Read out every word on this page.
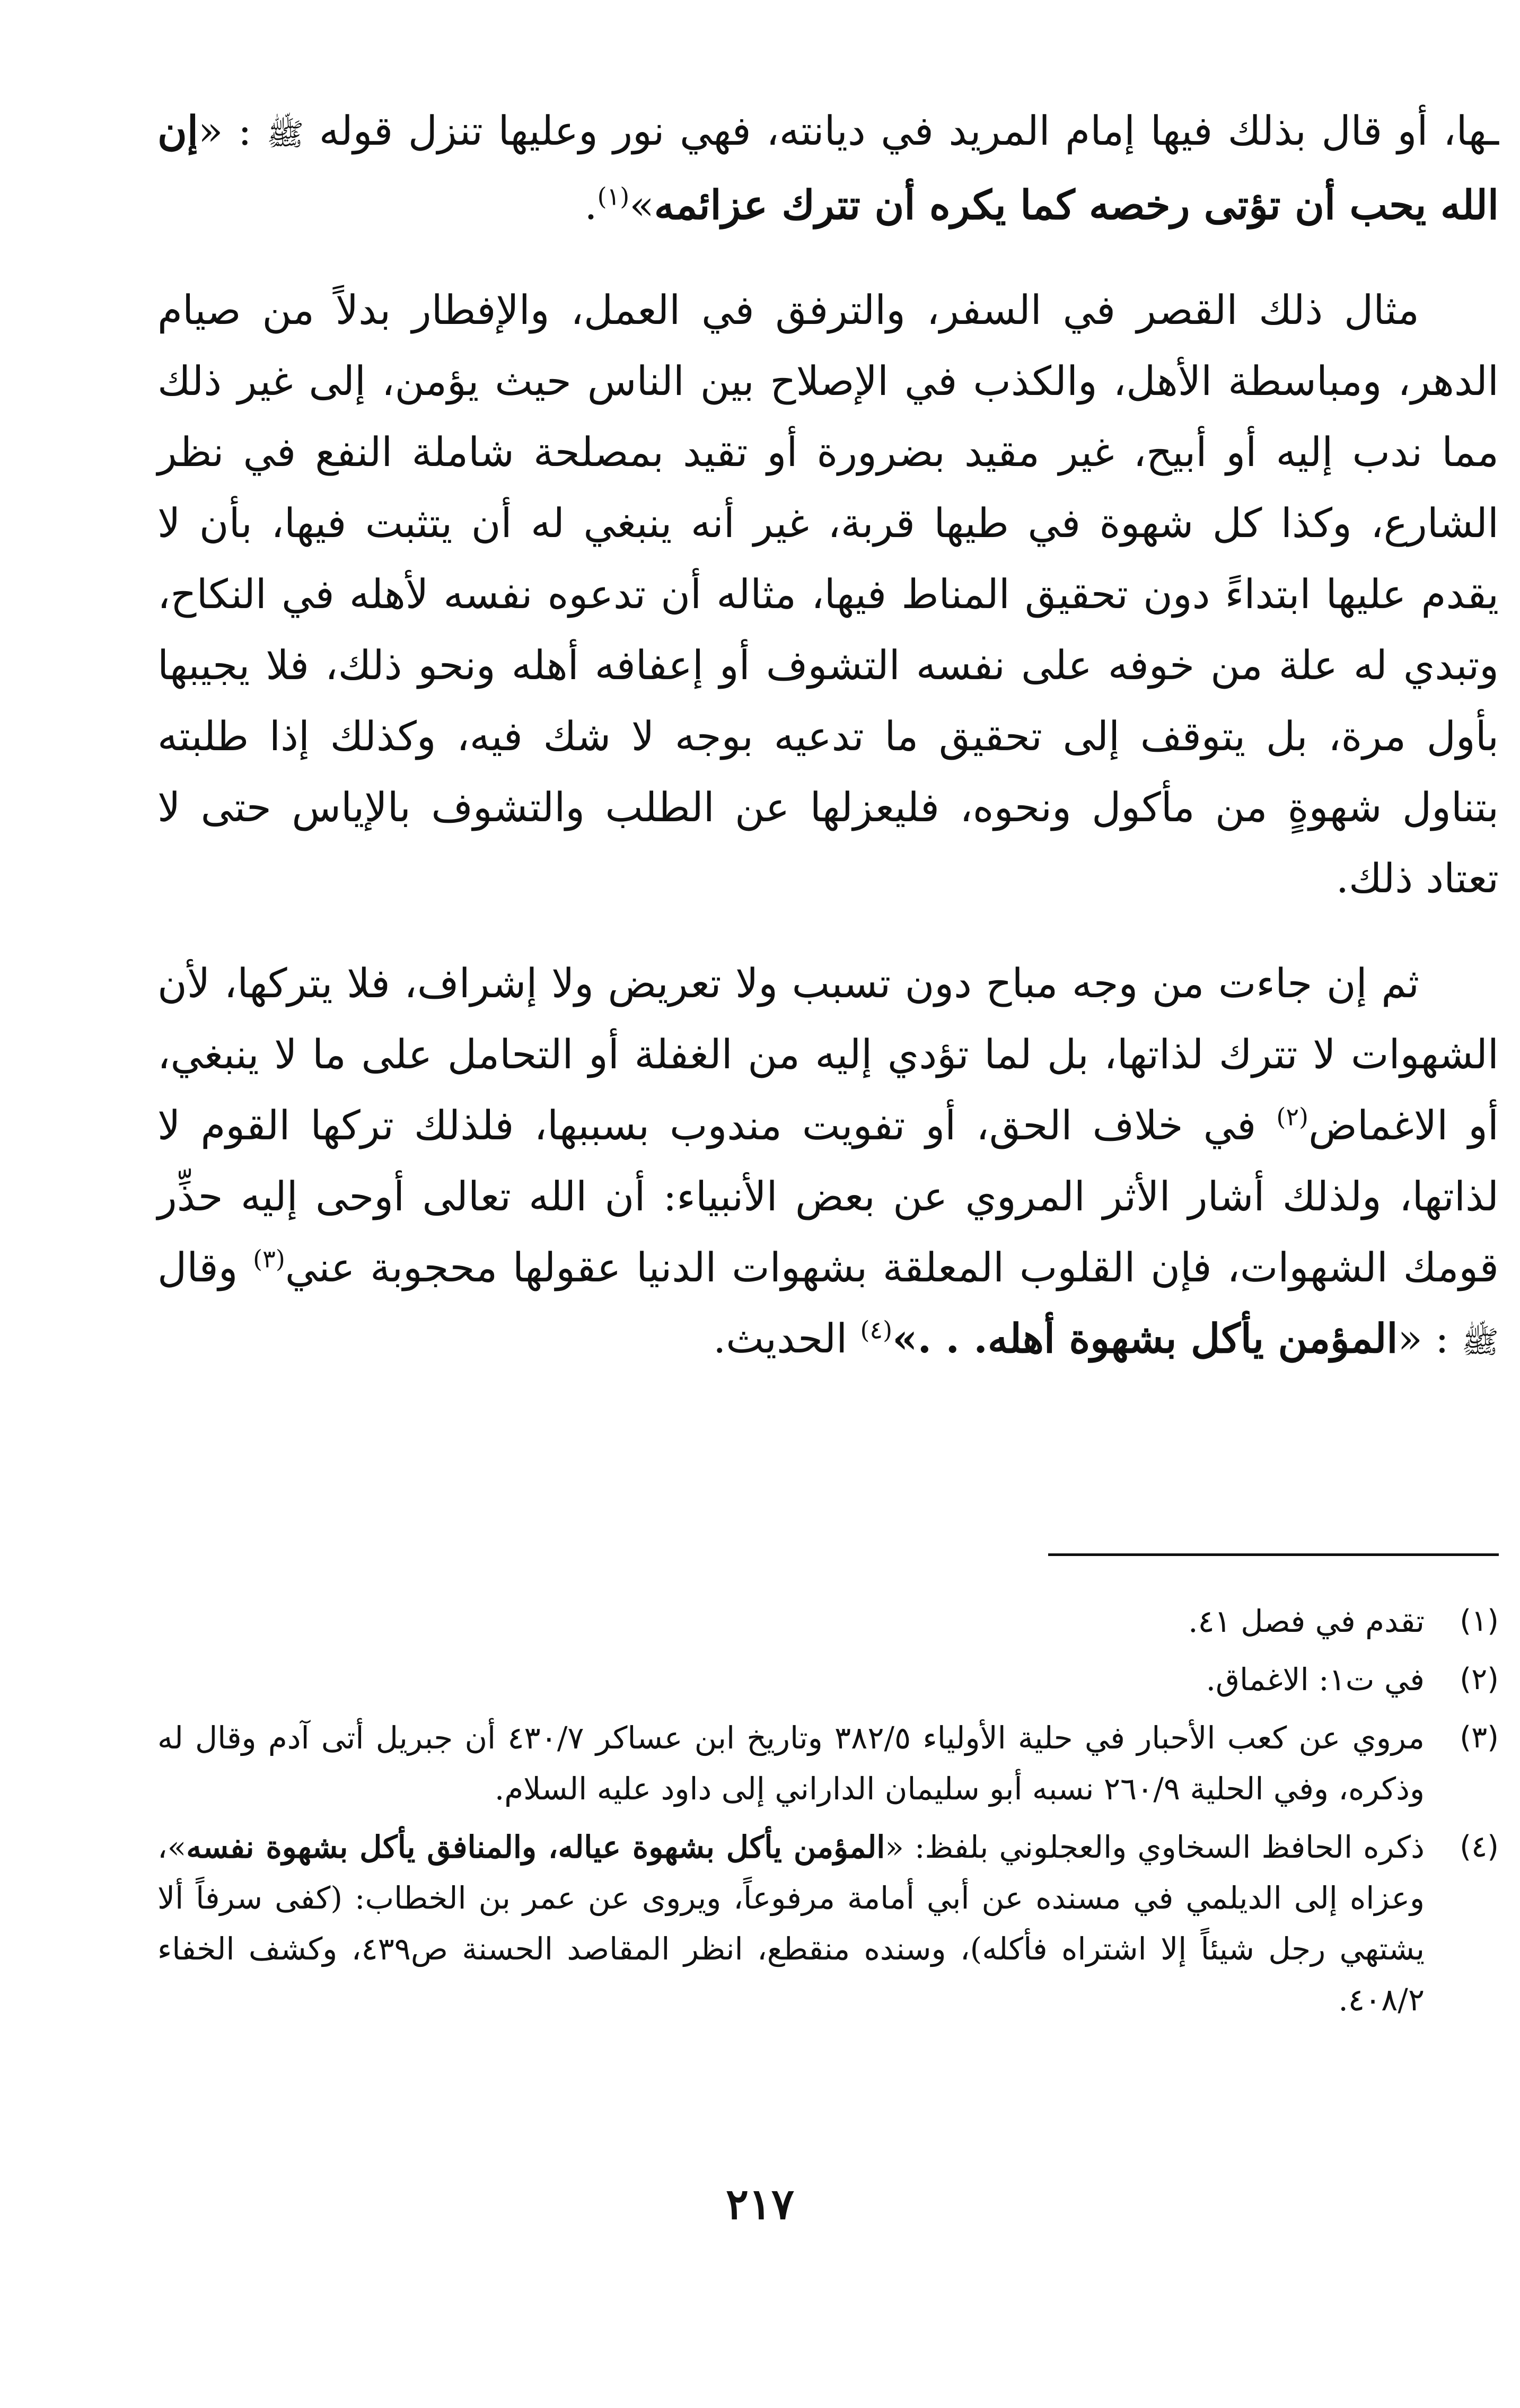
ـها، أو قال بذلك فيها إمام المريد في ديانته، فهي نور وعليها تنزل قوله ﷺ : «إن الله يحب أن تؤتى رخصه كما يكره أن تترك عزائمه»$^{(١)}$.

مثال ذلك القصر في السفر، والترفق في العمل، والإفطار بدلاً من صيام الدهر، ومباسطة الأهل، والكذب في الإصلاح بين الناس حيث يؤمن، إلى غير ذلك مما ندب إليه أو أبيح، غير مقيد بضرورة أو تقيد بمصلحة شاملة النفع في نظر الشارع، وكذا كل شهوة في طيها قربة، غير أنه ينبغي له أن يتثبت فيها، بأن لا يقدم عليها ابتداءً دون تحقيق المناط فيها، مثاله أن تدعوه نفسه لأهله في النكاح، وتبدي له علة من خوفه على نفسه التشوف أو إعفافه أهله ونحو ذلك، فلا يجيبها بأول مرة، بل يتوقف إلى تحقيق ما تدعيه بوجه لا شك فيه، وكذلك إذا طلبته بتناول شهوةٍ من مأكول ونحوه، فليعزلها عن الطلب والتشوف بالإياس حتى لا تعتاد ذلك.

ثم إن جاءت من وجه مباح دون تسبب ولا تعريض ولا إشراف، فلا يتركها، لأن الشهوات لا تترك لذاتها، بل لما تؤدي إليه من الغفلة أو التحامل على ما لا ينبغي، أو الاغماض$^{(٢)}$ في خلاف الحق، أو تفويت مندوب بسببها، فلذلك تركها القوم لا لذاتها، ولذلك أشار الأثر المروي عن بعض الأنبياء: أن الله تعالى أوحى إليه حذِّر قومك الشهوات، فإن القلوب المعلقة بشهوات الدنيا عقولها محجوبة عني$^{(٣)}$ وقال ﷺ : «المؤمن يأكل بشهوة أهله. . .»$^{(٤)}$ الحديث.

(١)
تقدم في فصل ٤١.
(٢)
في ت١: الاغماق.
(٣)
مروي عن كعب الأحبار في حلية الأولياء ٣٨٢/٥ وتاريخ ابن عساكر ٤٣٠/٧ أن جبريل أتى آدم وقال له وذكره، وفي الحلية ٢٦٠/٩ نسبه أبو سليمان الداراني إلى داود عليه السلام.
(٤)
ذكره الحافظ السخاوي والعجلوني بلفظ: «المؤمن يأكل بشهوة عياله، والمنافق يأكل بشهوة نفسه»، وعزاه إلى الديلمي في مسنده عن أبي أمامة مرفوعاً، ويروى عن عمر بن الخطاب: (كفى سرفاً ألا يشتهي رجل شيئاً إلا اشتراه فأكله)، وسنده منقطع، انظر المقاصد الحسنة ص٤٣٩، وكشف الخفاء ٤٠٨/٢.
٢١٧
